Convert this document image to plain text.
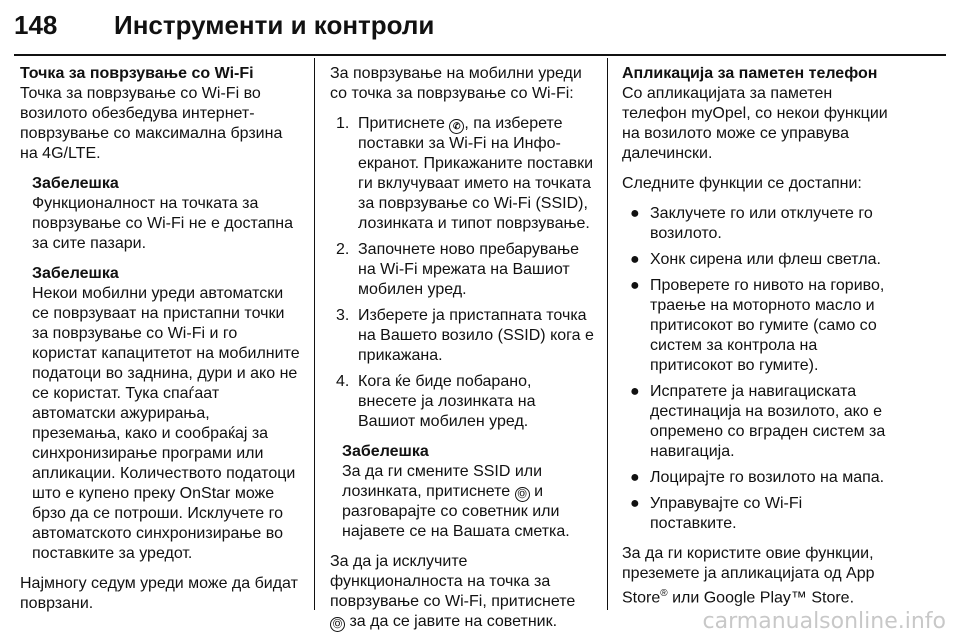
148 Инструменти и контроли

Точка за поврзување со Wi-Fi

Точка за поврзување со Wi-Fi во возилото обезбедува интернет-поврзување со максимална брзина на 4G/LTE.

Забелешка

Функционалност на точката за поврзување со Wi-Fi не е достапна за сите пазари.

Забелешка

Некои мобилни уреди автоматски се поврзуваат на пристапни точки за поврзување со Wi-Fi и го користат капацитетот на мобилните податоци во заднина, дури и ако не се користат. Тука спаѓаат автоматски ажурирања, преземања, како и сообраќај за синхронизирање програми или апликации. Количеството податоци што е купено преку OnStar може брзо да се потроши. Исклучете го автоматското синхронизирање во поставките за уредот.

Најмногу седум уреди може да бидат поврзани.

За поврзување на мобилни уреди со точка за поврзување со Wi-Fi:

1. Притиснете ✆ , па изберете поставки за Wi-Fi на Инфо-екранот. Прикажаните поставки ги вклучуваат името на точката за поврзување со Wi-Fi (SSID), лозинката и типот поврзување.
2. Започнете ново пребарување на Wi-Fi мрежата на Вашиот мобилен уред.
3. Изберете ја пристапната точка на Вашето возило (SSID) кога е прикажана.
4. Кога ќе биде побарано, внесете ја лозинката на Вашиот мобилен уред.

Забелешка

За да ги смените SSID или лозинката, притиснете Ⓞ и разговарајте со советник или најавете се на Вашата сметка.

За да ја исклучите функционалноста на точка за поврзување со Wi-Fi, притиснете Ⓞ за да се јавите на советник.

Апликација за паметен телефон

Со апликацијата за паметен телефон myOpel, со некои функции на возилото може се управува далечински.

Следните функции се достапни:

● Заклучете го или отклучете го возилото.
● Хонк сирена или флеш светла.
● Проверете го нивото на гориво, траење на моторното масло и притисокот во гумите (само со систем за контрола на притисокот во гумите).
● Испратете ја навигациската дестинација на возилото, ако е опремено со вграден систем за навигација.
● Лоцирајте го возилото на мапа.
● Управувајте со Wi-Fi поставките.

За да ги користите овие функции, преземете ја апликацијата од App Store® или Google Play™ Store.

carmanualsonline.info
